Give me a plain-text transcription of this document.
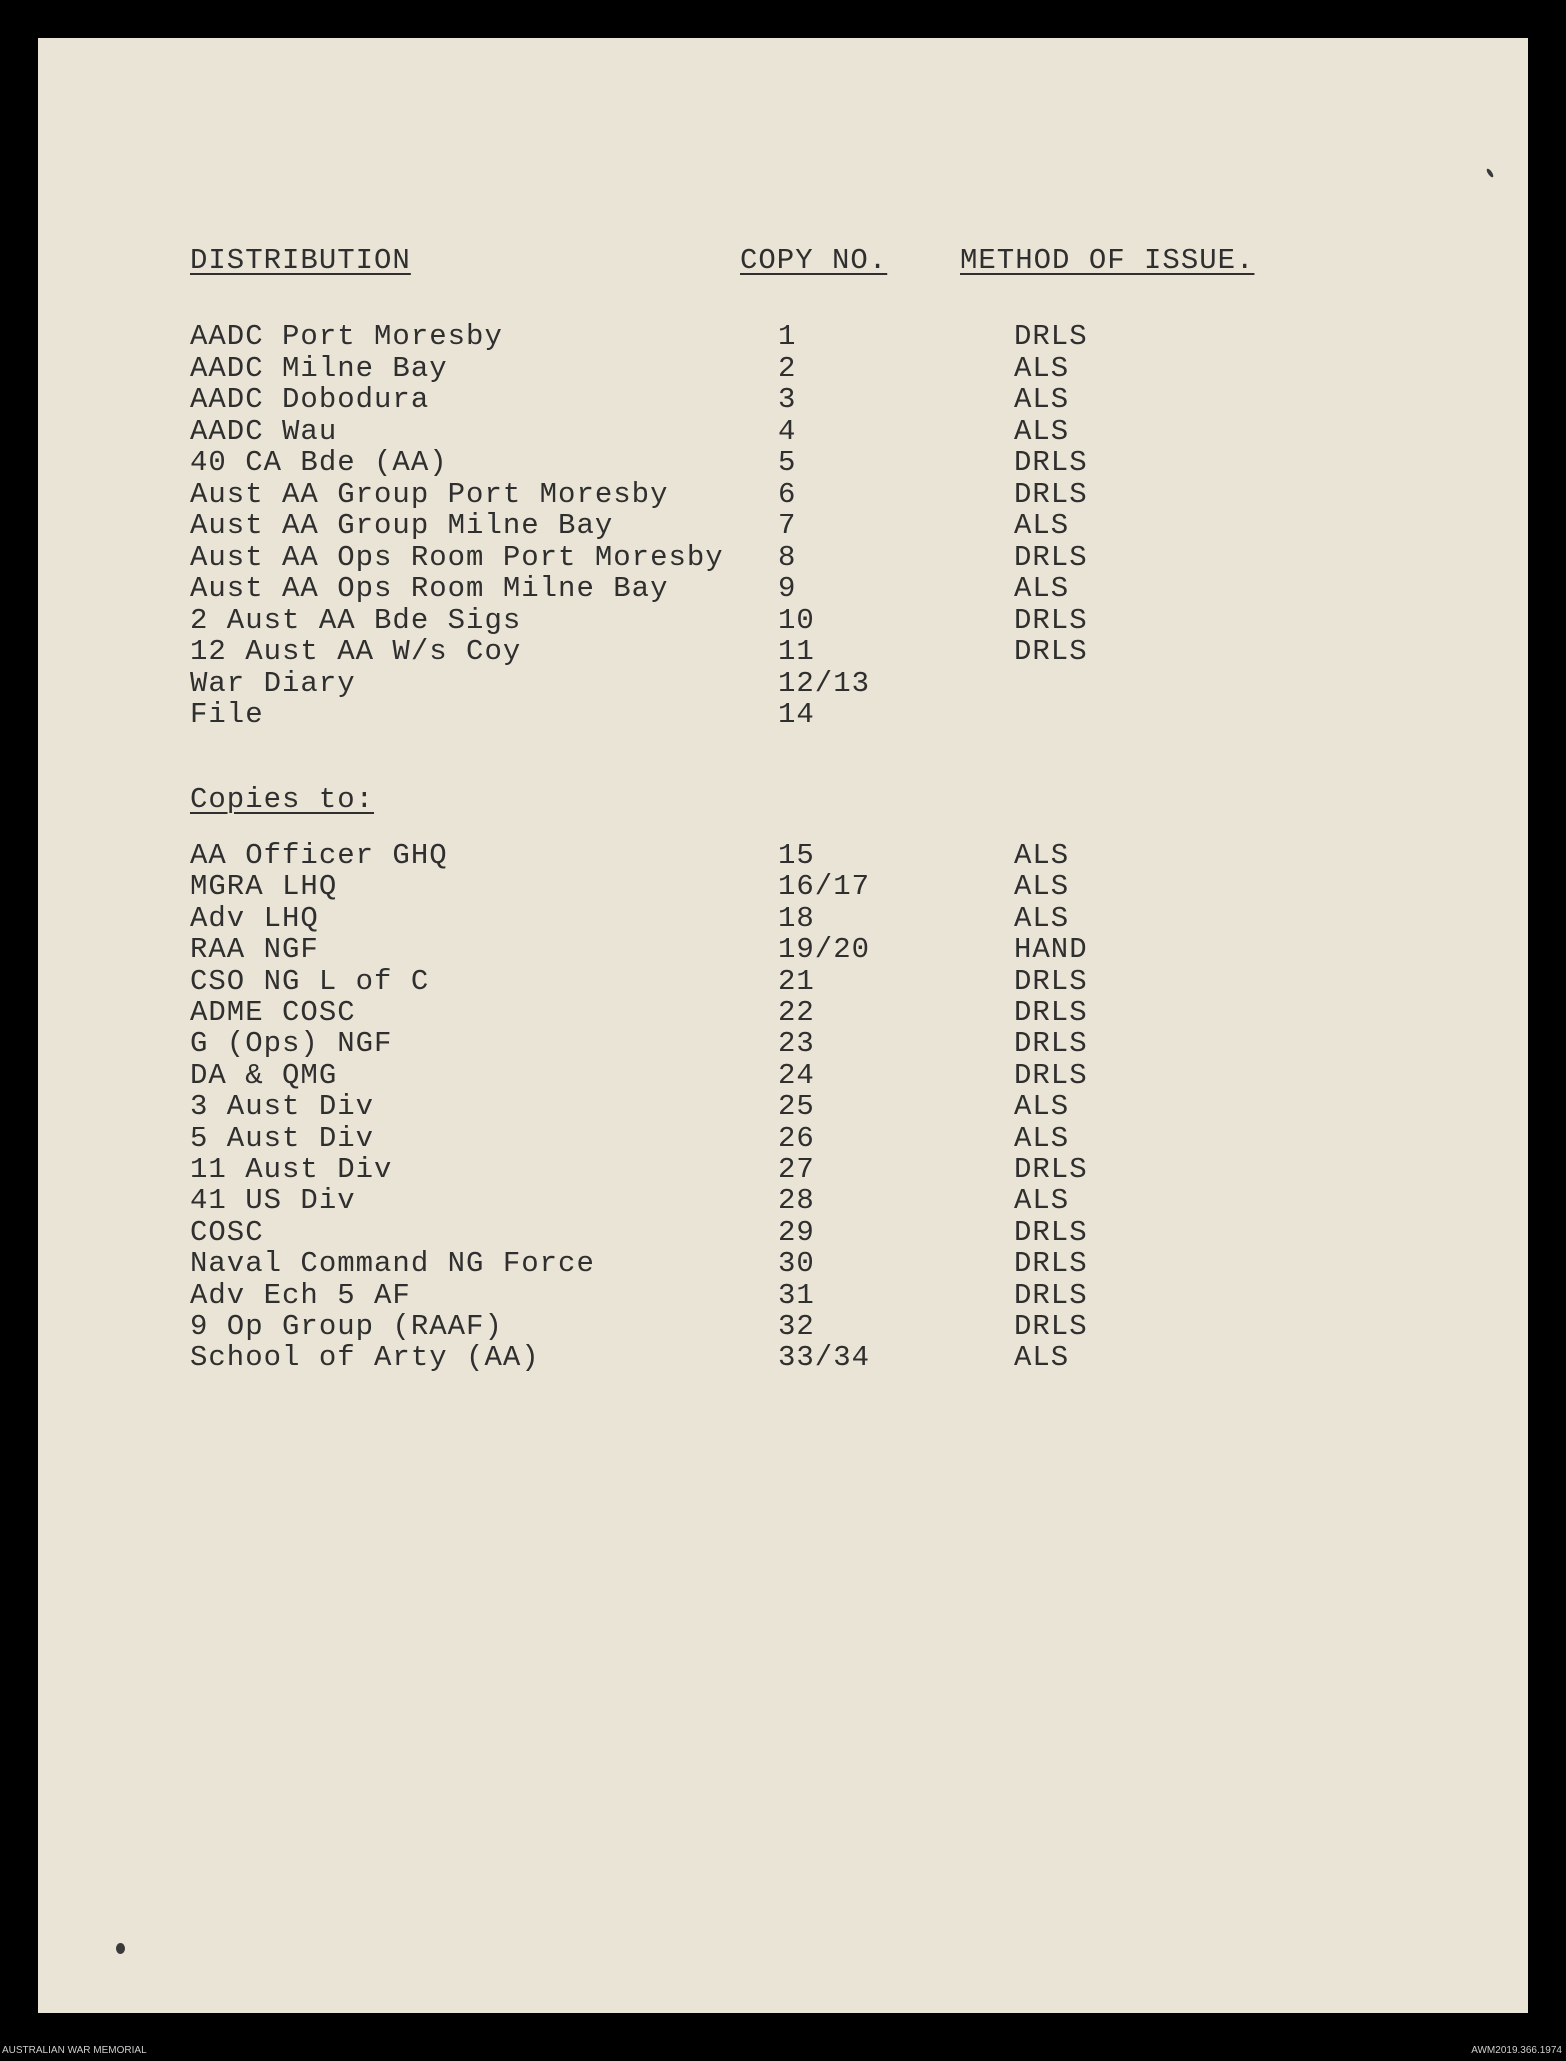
DISTRIBUTION	COPY NO.	METHOD OF ISSUE.
AADC Port Moresby	1	DRLS
AADC Milne Bay	2	ALS
AADC Dobodura	3	ALS
AADC Wau	4	ALS
40 CA Bde (AA)	5	DRLS
Aust AA Group Port Moresby	6	DRLS
Aust AA Group Milne Bay	7	ALS
Aust AA Ops Room Port Moresby 8	DRLS
Aust AA Ops Room Milne Bay	9	ALS
2 Aust AA Bde Sigs	10	DRLS
12 Aust AA W/s Coy	11	DRLS
War Diary	12/13
File	14
Copies to:
AA Officer GHQ	15	ALS
MGRA LHQ	16/17	ALS
Adv LHQ	18	ALS
RAA NGF	19/20	HAND
CSO NG L of C	21	DRLS
ADME COSC	22	DRLS
G (Ops) NGF	23	DRLS
DA & QMG	24	DRLS
3 Aust Div	25	ALS
5 Aust Div	26	ALS
11 Aust Div	27	DRLS
41 US Div	28	ALS
COSC	29	DRLS
Naval Command NG Force	30	DRLS
Adv Ech 5 AF	31	DRLS
9 Op Group (RAAF)	32	DRLS
School of Arty (AA)	33/34	ALS
AUSTRALIAN WAR MEMORIAL	AWM2019.366.1974
